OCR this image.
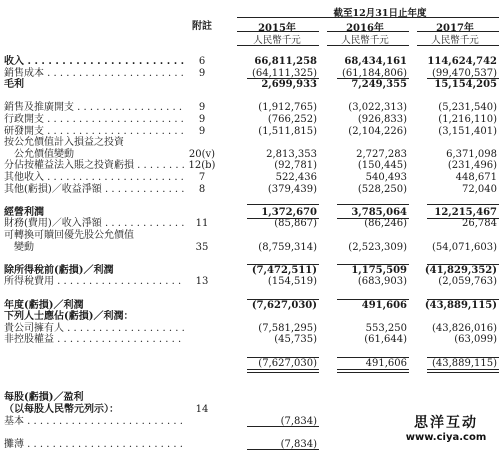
截至12月31日止年度
附註	2015年	2016年	2017年
人民幣千元	人民幣千元	人民幣千元
收入 . . .	6	66,811,258	68,434,161	114,624,742
銷售成本 . . .	9	(64,111,325)	(61,184,806)	(99,470,537)
毛利	2,699,933	7,249,355	15,154,205
銷售及推廣開支 . . .	9	(1,912,765)	(3,022,313)	(5,231,540)
行政開支 . . .	9	(766,252)	(926,833)	(1,216,110)
研發開支 . . .	9	(1,511,815)	(2,104,226)	(3,151,401)
按公允價值計入損益之投資
公允價值變動	20(v)	2,813,353	2,727,283	6,371,098
分佔按權益法入賬之投資虧損 . . .	12(b)	(92,781)	(150,445)	(231,496)
其他收入 . . .	7	522,436	540,493	448,671
其他(虧損)／收益淨額 . . .	8	(379,439)	(528,250)	72,040
經營利潤	1,372,670	3,785,064	12,215,467
財務(費用)／收入淨額 . . .	11	(85,867)	(86,246)	26,784
可轉換可贖回優先股公允價值
變動	35	(8,759,314)	(2,523,309)	(54,071,603)
除所得稅前(虧損)／利潤	(7,472,511)	1,175,509	(41,829,352)
所得稅費用 . . .	13	(154,519)	(683,903)	(2,059,763)
年度(虧損)／利潤	(7,627,030)	491,606	(43,889,115)
下列人士應佔(虧損)／利潤：
貴公司擁有人 . . .	(7,581,295)	553,250	(43,826,016)
非控股權益 . . .	(45,735)	(61,644)	(63,099)
(7,627,030)	491,606	(43,889,115)
每股(虧損)／盈利
（以每股人民幣元列示）：	14
基本 . . .	(7,834)
攤薄 . . .	(7,834)
思洋互动
www.ciya.com
